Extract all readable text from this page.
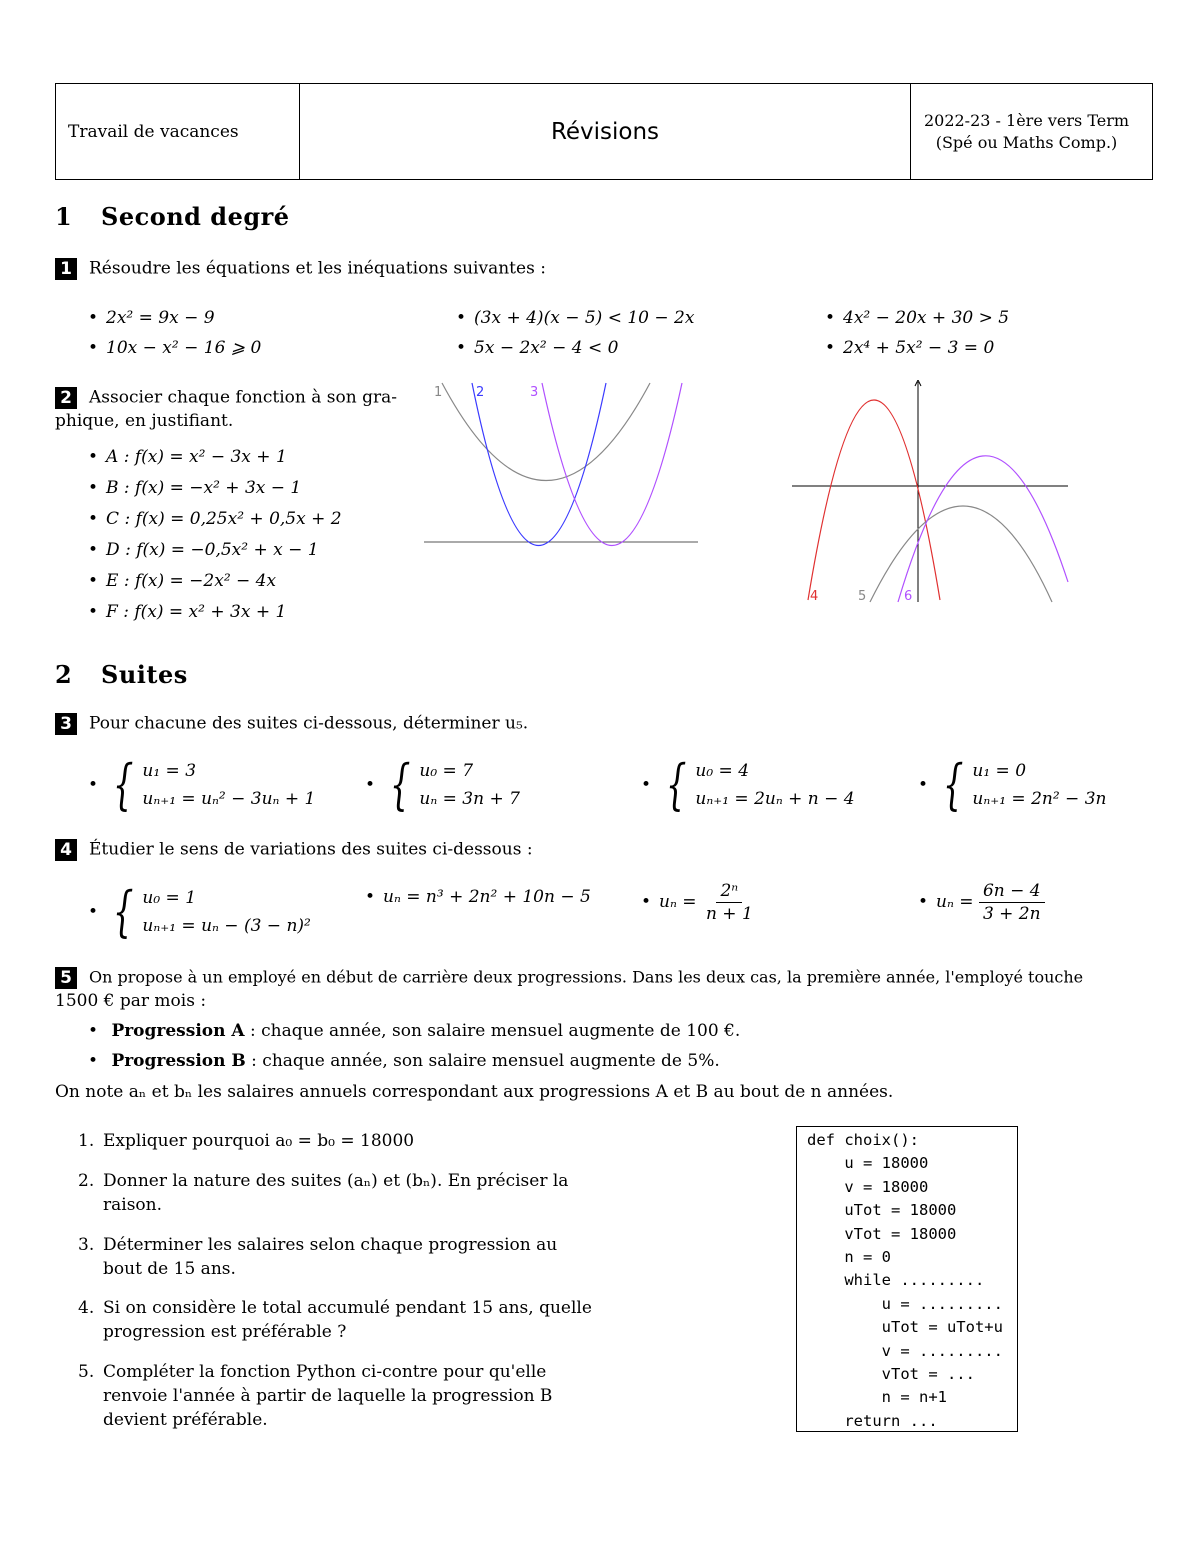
Travail de vacances	Révisions	2022-23 - 1ère vers Term
(Spé ou Maths Comp.)
1 Second degré
1 Résoudre les équations et les inéquations suivantes :
• 2x² = 9x − 9
• 10x − x² − 16 ⩾ 0
• (3x + 4)(x − 5) < 10 − 2x
• 5x − 2x² − 4 < 0
• 4x² − 20x + 30 > 5
• 2x⁴ + 5x² − 3 = 0
2 Associer chaque fonction à son gra-
phique, en justifiant.
• A : f(x) = x² − 3x + 1
• B : f(x) = −x² + 3x − 1
• C : f(x) = 0,25x² + 0,5x + 2
• D : f(x) = −0,5x² + x − 1
• E : f(x) = −2x² − 4x
• F : f(x) = x² + 3x + 1
1	2	3
4	5	6
2 Suites
3 Pour chacune des suites ci-dessous, déterminer u₅.
•
{ u₁ = 3
uₙ₊₁ = uₙ² − 3uₙ + 1 • { u₀ = 7
uₙ = 3n + 7 •	{ u₀ = 4
uₙ₊₁ = 2uₙ + n − 4 • { u₁ = 0
uₙ₊₁ = 2n² − 3n
4 Étudier le sens de variations des suites ci-dessous :
•
{ u₀ = 1
uₙ₊₁ = uₙ − (3 − n)²
• uₙ = n³ + 2n² + 10n − 5 •	$u_n = \frac{\text{2ⁿ}}{n + 1}$ •	$u_n = \frac{6n - 4}{3 + 2n}$
5 On propose à un employé en début de carrière deux progressions. Dans les deux cas, la première année, l'employé touche
1500 € par mois :
• Progression A : chaque année, son salaire mensuel augmente de 100 €.
• Progression B : chaque année, son salaire mensuel augmente de 5%.
On note aₙ et bₙ les salaires annuels correspondant aux progressions A et B au bout de n années.
1. Expliquer pourquoi a₀ = b₀ = 18000
2. Donner la nature des suites (aₙ) et (bₙ). En préciser la raison.
3. Déterminer les salaires selon chaque progression au bout de 15 ans.
4. Si on considère le total accumulé pendant 15 ans, quelle progression est préférable ?
5. Compléter la fonction Python ci-contre pour qu'elle renvoie l'année à partir de laquelle la progression B devient préférable.
def choix():
u = 18000
v = 18000
uTot = 18000
vTot = 18000
n = 0
while .........
u = .........
uTot = uTot+u
v = .........
vTot = ...
n = n+1
return ...
